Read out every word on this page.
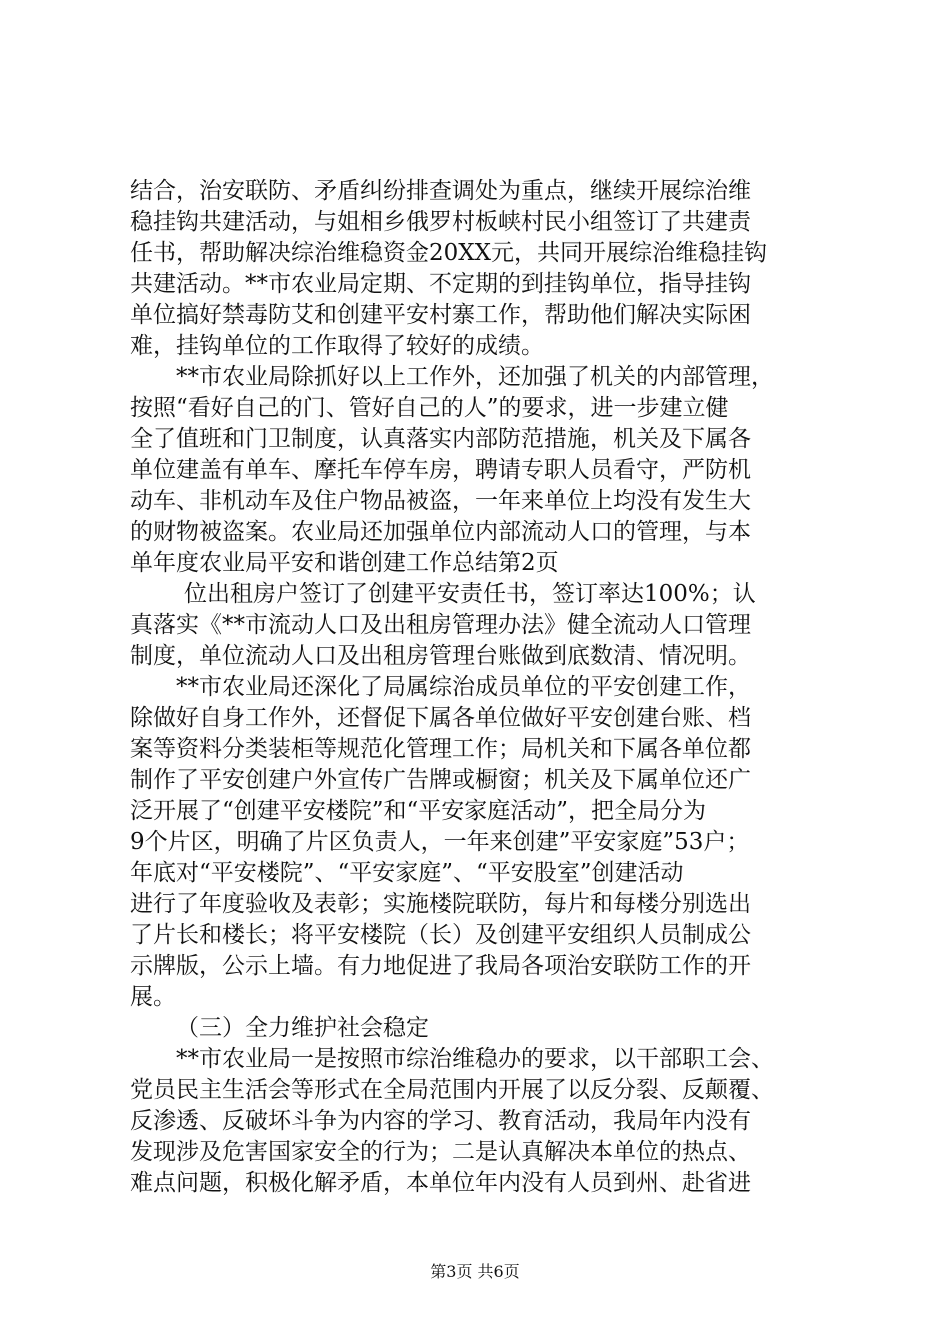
结合，治安联防、矛盾纠纷排查调处为重点，继续开展综治维
稳挂钩共建活动，与姐相乡俄罗村板峡村民小组签订了共建责
任书，帮助解决综治维稳资金20XX元，共同开展综治维稳挂钩
共建活动。**市农业局定期、不定期的到挂钩单位，指导挂钩
单位搞好禁毒防艾和创建平安村寨工作，帮助他们解决实际困
难，挂钩单位的工作取得了较好的成绩。
**市农业局除抓好以上工作外，还加强了机关的内部管理，
按照“看好自己的门、管好自己的人”的要求，进一步建立健
全了值班和门卫制度，认真落实内部防范措施，机关及下属各
单位建盖有单车、摩托车停车房，聘请专职人员看守，严防机
动车、非机动车及住户物品被盗，一年来单位上均没有发生大
的财物被盗案。农业局还加强单位内部流动人口的管理，与本
单年度农业局平安和谐创建工作总结第2页
位出租房户签订了创建平安责任书，签订率达100%；认
真落实《**市流动人口及出租房管理办法》健全流动人口管理
制度，单位流动人口及出租房管理台账做到底数清、情况明。
**市农业局还深化了局属综治成员单位的平安创建工作，
除做好自身工作外，还督促下属各单位做好平安创建台账、档
案等资料分类装柜等规范化管理工作；局机关和下属各单位都
制作了平安创建户外宣传广告牌或橱窗；机关及下属单位还广
泛开展了“创建平安楼院”和“平安家庭活动”，把全局分为
9个片区，明确了片区负责人，一年来创建”平安家庭”53户；
年底对“平安楼院”、“平安家庭”、“平安股室”创建活动
进行了年度验收及表彰；实施楼院联防，每片和每楼分别选出
了片长和楼长；将平安楼院（长）及创建平安组织人员制成公
示牌版，公示上墙。有力地促进了我局各项治安联防工作的开
展。
（三）全力维护社会稳定
**市农业局一是按照市综治维稳办的要求，以干部职工会、
党员民主生活会等形式在全局范围内开展了以反分裂、反颠覆、
反渗透、反破坏斗争为内容的学习、教育活动，我局年内没有
发现涉及危害国家安全的行为；二是认真解决本单位的热点、
难点问题，积极化解矛盾，本单位年内没有人员到州、赴省进
第3页 共6页
